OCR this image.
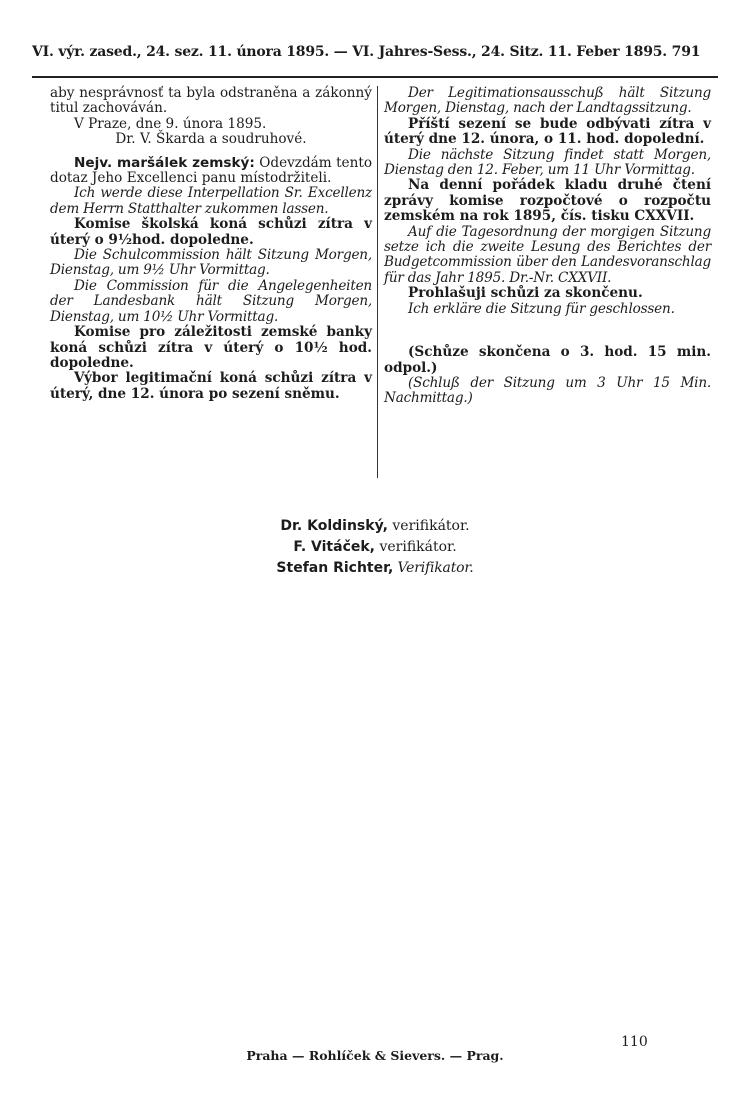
VI. výr. zased., 24. sez. 11. února 1895. — VI. Jahres-Sess., 24. Sitz. 11. Feber 1895. 791

aby nesprávnosť ta byla odstraněna a zákonný titul zachováván.

V Praze, dne 9. února 1895.

Dr. V. Škarda a soudruhové.

Nejv. maršálek zemský: Odevzdám tento dotaz Jeho Excellenci panu místodržiteli.

Ich werde diese Interpellation Sr. Excellenz dem Herrn Statthalter zukommen lassen.

Komise školská koná schůzi zítra v úterý o 9½hod. dopoledne.

Die Schulcommission hält Sitzung Morgen, Dienstag, um 9½ Uhr Vormittag.

Die Commission für die Angelegenheiten der Landesbank hält Sitzung Morgen, Dienstag, um 10½ Uhr Vormittag.

Komise pro záležitosti zemské banky koná schůzi zítra v úterý o 10½ hod. dopoledne.

Výbor legitimační koná schůzi zítra v úterý, dne 12. února po sezení sněmu.

Der Legitimationsausschuß hält Sitzung Morgen, Dienstag, nach der Landtagssitzung.

Příští sezení se bude odbývati zítra v úterý dne 12. února, o 11. hod. dopolední.

Die nächste Sitzung findet statt Morgen, Dienstag den 12. Feber, um 11 Uhr Vormittag.

Na denní pořádek kladu druhé čtení zprávy komise rozpočtové o rozpočtu zemském na rok 1895, čís. tisku CXXVII.

Auf die Tagesordnung der morgigen Sitzung setze ich die zweite Lesung des Berichtes der Budgetcommission über den Landesvoranschlag für das Jahr 1895. Dr.-Nr. CXXVII.

Prohlašuji schůzi za skončenu.

Ich erkläre die Sitzung für geschlossen.

(Schůze skončena o 3. hod. 15 min. odpol.)

(Schluß der Sitzung um 3 Uhr 15 Min. Nachmittag.)

Dr. Koldinský, verifikátor.
F. Vitáček, verifikátor.
Stefan Richter, Verifikator.
110
Praha — Rohlíček & Sievers. — Prag.
